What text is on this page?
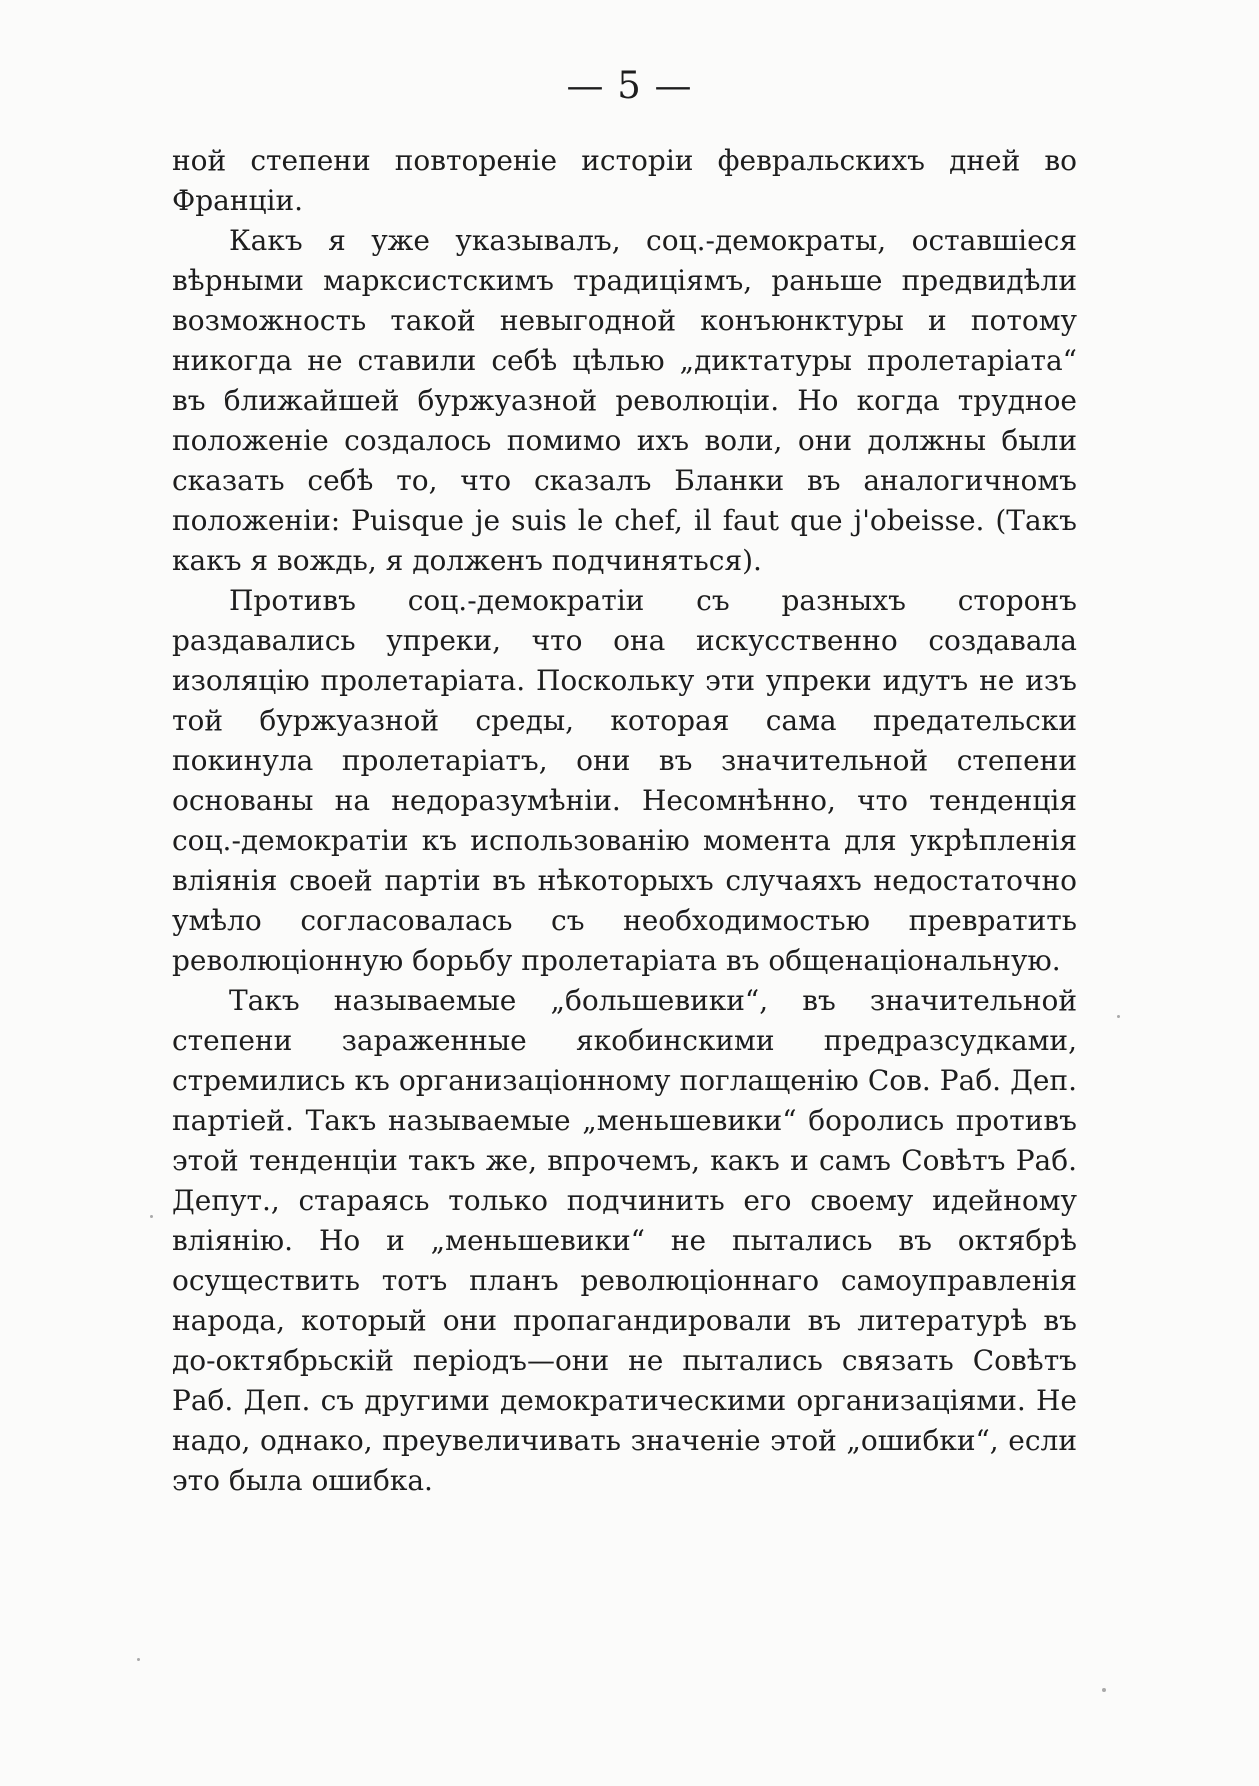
— 5 —

ной степени повтореніе исторіи февральскихъ дней во Франціи.

Какъ я уже указывалъ, соц.-демократы, оставшіеся вѣрными марксистскимъ традиціямъ, раньше предвидѣли возможность такой невыгодной конъюнктуры и потому никогда не ставили себѣ цѣлью „диктатуры пролетаріата“ въ ближайшей буржуазной революціи. Но когда трудное положеніе создалось помимо ихъ воли, они должны были сказать себѣ то, что сказалъ Бланки въ аналогичномъ положеніи: Puisque je suis le chef, il faut que j'obeisse. (Такъ какъ я вождь, я долженъ подчиняться).

Противъ соц.-демократіи съ разныхъ сторонъ раздавались упреки, что она искусственно создавала изоляцію пролетаріата. Поскольку эти упреки идутъ не изъ той буржуазной среды, которая сама предательски покинула пролетаріатъ, они въ значительной степени основаны на недоразумѣніи. Несомнѣнно, что тенденція соц.-демократіи къ использованію момента для укрѣпленія вліянія своей партіи въ нѣкоторыхъ случаяхъ недостаточно умѣло согласовалась съ необходимостью превратить революціонную борьбу пролетаріата въ общенаціональную.

Такъ называемые „большевики“, въ значительной степени зараженные якобинскими предразсудками, стремились къ организаціонному поглащенію Сов. Раб. Деп. партіей. Такъ называемые „меньшевики“ боролись противъ этой тенденціи такъ же, впрочемъ, какъ и самъ Совѣтъ Раб. Депут., стараясь только подчинить его своему идейному вліянію. Но и „меньшевики“ не пытались въ октябрѣ осуществить тотъ планъ революціоннаго самоуправленія народа, который они пропагандировали въ литературѣ въ до-октябрьскій періодъ—они не пытались связать Совѣтъ Раб. Деп. съ другими демократическими организаціями. Не надо, однако, преувеличивать значеніе этой „ошибки“, если это была ошибка.
